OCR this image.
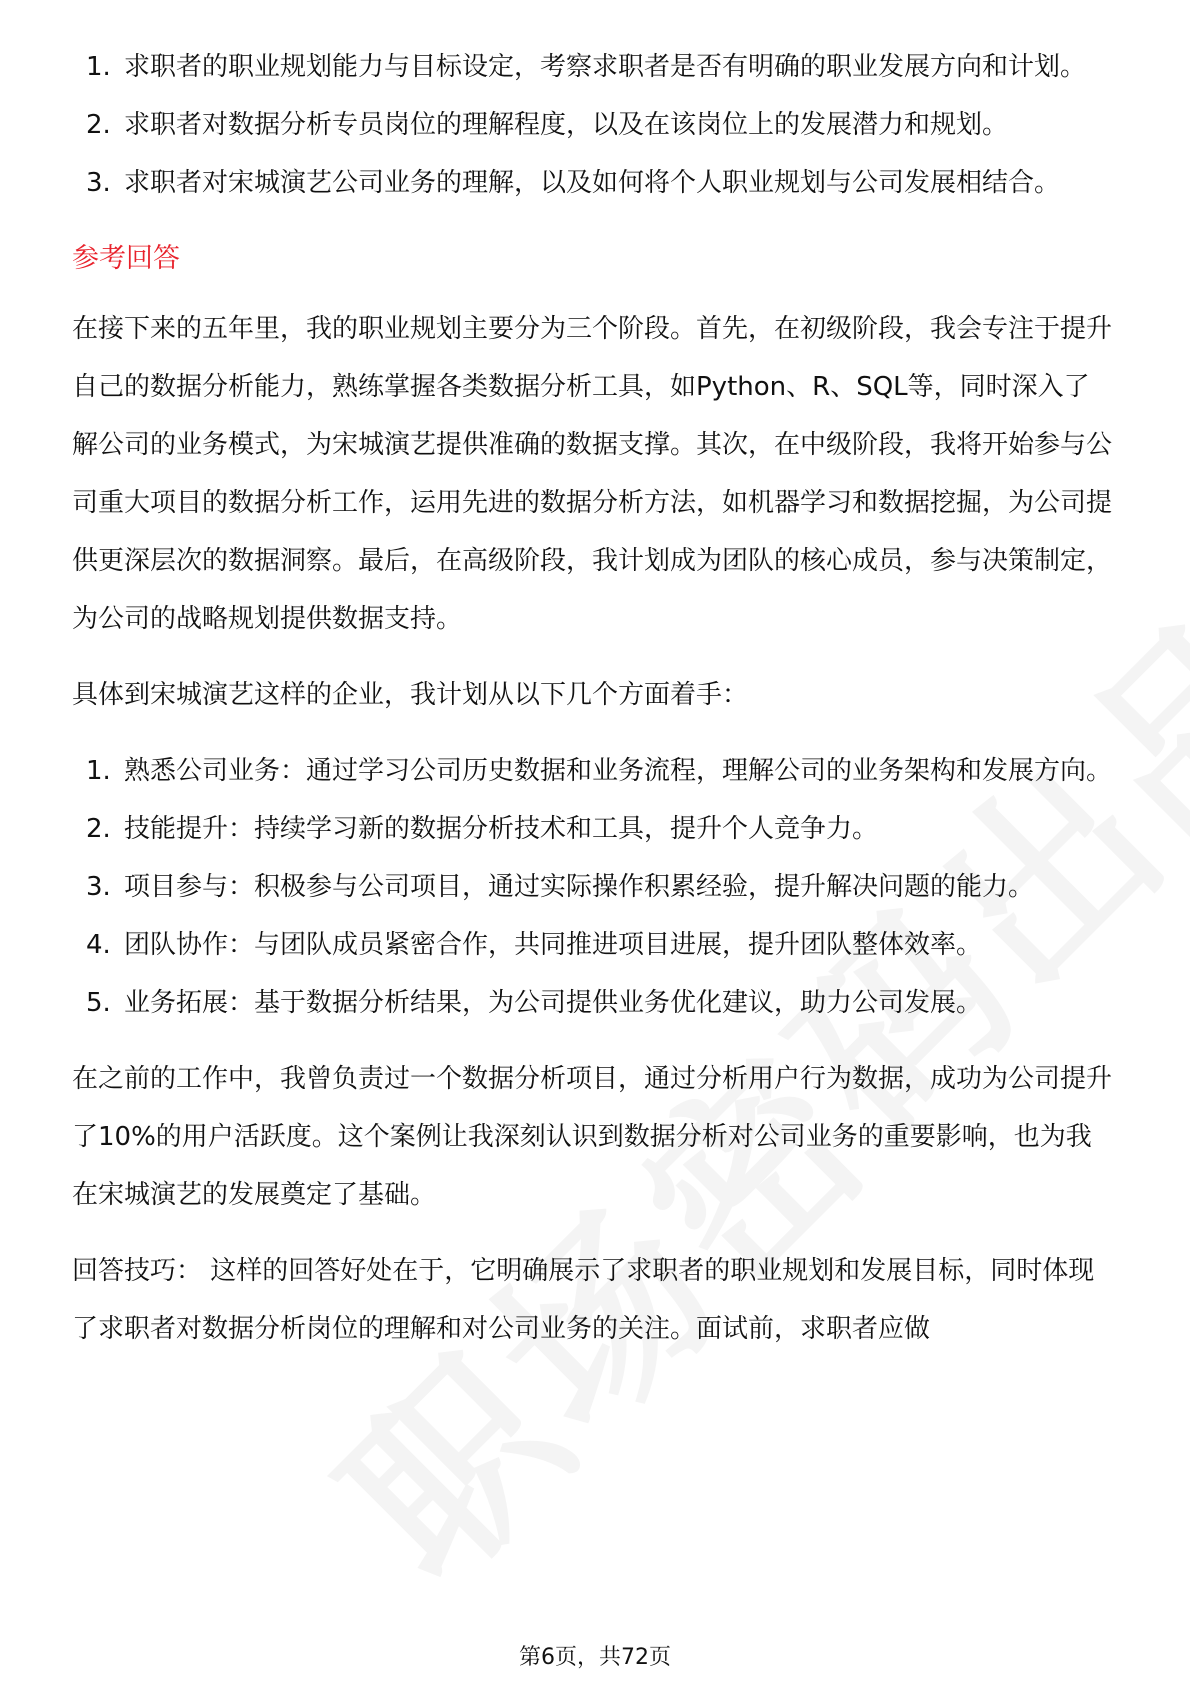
1. 求职者的职业规划能力与目标设定，考察求职者是否有明确的职业发展方向和计划。
2. 求职者对数据分析专员岗位的理解程度，以及在该岗位上的发展潜力和规划。
3. 求职者对宋城演艺公司业务的理解，以及如何将个人职业规划与公司发展相结合。
参考回答

在接下来的五年里，我的职业规划主要分为三个阶段。首先，在初级阶段，我会专注于提升自己的数据分析能力，熟练掌握各类数据分析工具，如Python、R、SQL等，同时深入了解公司的业务模式，为宋城演艺提供准确的数据支撑。其次，在中级阶段，我将开始参与公司重大项目的数据分析工作，运用先进的数据分析方法，如机器学习和数据挖掘，为公司提供更深层次的数据洞察。最后，在高级阶段，我计划成为团队的核心成员，参与决策制定，为公司的战略规划提供数据支持。

具体到宋城演艺这样的企业，我计划从以下几个方面着手：

1. 熟悉公司业务：通过学习公司历史数据和业务流程，理解公司的业务架构和发展方向。
2. 技能提升：持续学习新的数据分析技术和工具，提升个人竞争力。
3. 项目参与：积极参与公司项目，通过实际操作积累经验，提升解决问题的能力。
4. 团队协作：与团队成员紧密合作，共同推进项目进展，提升团队整体效率。
5. 业务拓展：基于数据分析结果，为公司提供业务优化建议，助力公司发展。

在之前的工作中，我曾负责过一个数据分析项目，通过分析用户行为数据，成功为公司提升了10%的用户活跃度。这个案例让我深刻认识到数据分析对公司业务的重要影响，也为我在宋城演艺的发展奠定了基础。

回答技巧： 这样的回答好处在于，它明确展示了求职者的职业规划和发展目标，同时体现了求职者对数据分析岗位的理解和对公司业务的关注。面试前，求职者应做

第6页，共72页
